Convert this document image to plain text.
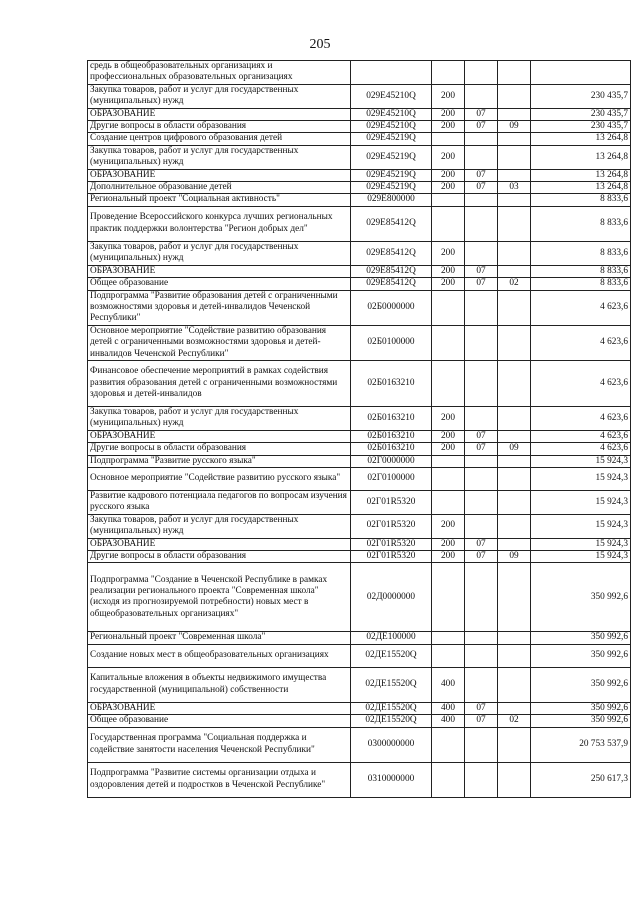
205
средь в общеобразовательных организациях и профессиональных образовательных организациях					
Закупка товаров, работ и услуг для государственных (муниципальных) нужд	029Е45210Q	200			230 435,7
ОБРАЗОВАНИЕ	029Е45210Q	200	07		230 435,7
Другие вопросы в области образования	029Е45210Q	200	07	09	230 435,7
Создание центров цифрового образования детей	029Е45219Q				13 264,8
Закупка товаров, работ и услуг для государственных (муниципальных) нужд	029Е45219Q	200			13 264,8
ОБРАЗОВАНИЕ	029Е45219Q	200	07		13 264,8
Дополнительное образование детей	029Е45219Q	200	07	03	13 264,8
Региональный проект "Социальная активность"	029Е800000				8 833,6
Проведение Всероссийского конкурса лучших региональных практик поддержки волонтерства "Регион добрых дел"	029Е85412Q				8 833,6
Закупка товаров, работ и услуг для государственных (муниципальных) нужд	029Е85412Q	200			8 833,6
ОБРАЗОВАНИЕ	029Е85412Q	200	07		8 833,6
Общее образование	029Е85412Q	200	07	02	8 833,6
Подпрограмма "Развитие образования детей с ограниченными возможностями здоровья и детей-инвалидов Чеченской Республики"	02Б0000000				4 623,6
Основное мероприятие "Содействие развитию образования детей с ограниченными возможностями здоровья и детей-инвалидов Чеченской Республики"	02Б0100000				4 623,6
Финансовое обеспечение мероприятий в рамках содействия развития образования детей с ограниченными возможностями здоровья и детей-инвалидов	02Б0163210				4 623,6
Закупка товаров, работ и услуг для государственных (муниципальных) нужд	02Б0163210	200			4 623,6
ОБРАЗОВАНИЕ	02Б0163210	200	07		4 623,6
Другие вопросы в области образования	02Б0163210	200	07	09	4 623,6
Подпрограмма "Развитие русского языка"	02Г0000000				15 924,3
Основное мероприятие "Содействие развитию русского языка"	02Г0100000				15 924,3
Развитие кадрового потенциала педагогов по вопросам изучения русского языка	02Г01R5320				15 924,3
Закупка товаров, работ и услуг для государственных (муниципальных) нужд	02Г01R5320	200			15 924,3
ОБРАЗОВАНИЕ	02Г01R5320	200	07		15 924,3
Другие вопросы в области образования	02Г01R5320	200	07	09	15 924,3
Подпрограмма "Создание в Чеченской Республике в рамках реализации регионального проекта "Современная школа" (исходя из прогнозируемой потребности) новых мест в общеобразовательных организациях"	02Д0000000				350 992,6
Региональный проект "Современная школа"	02ДЕ100000				350 992,6
Создание новых мест в общеобразовательных организациях	02ДЕ15520Q				350 992,6
Капитальные вложения в объекты недвижимого имущества государственной (муниципальной) собственности	02ДЕ15520Q	400			350 992,6
ОБРАЗОВАНИЕ	02ДЕ15520Q	400	07		350 992,6
Общее образование	02ДЕ15520Q	400	07	02	350 992,6
Государственная программа "Социальная поддержка и содействие занятости населения Чеченской Республики"	0300000000				20 753 537,9
Подпрограмма "Развитие системы организации отдыха и оздоровления детей и подростков в Чеченской Республике"	0310000000				250 617,3
